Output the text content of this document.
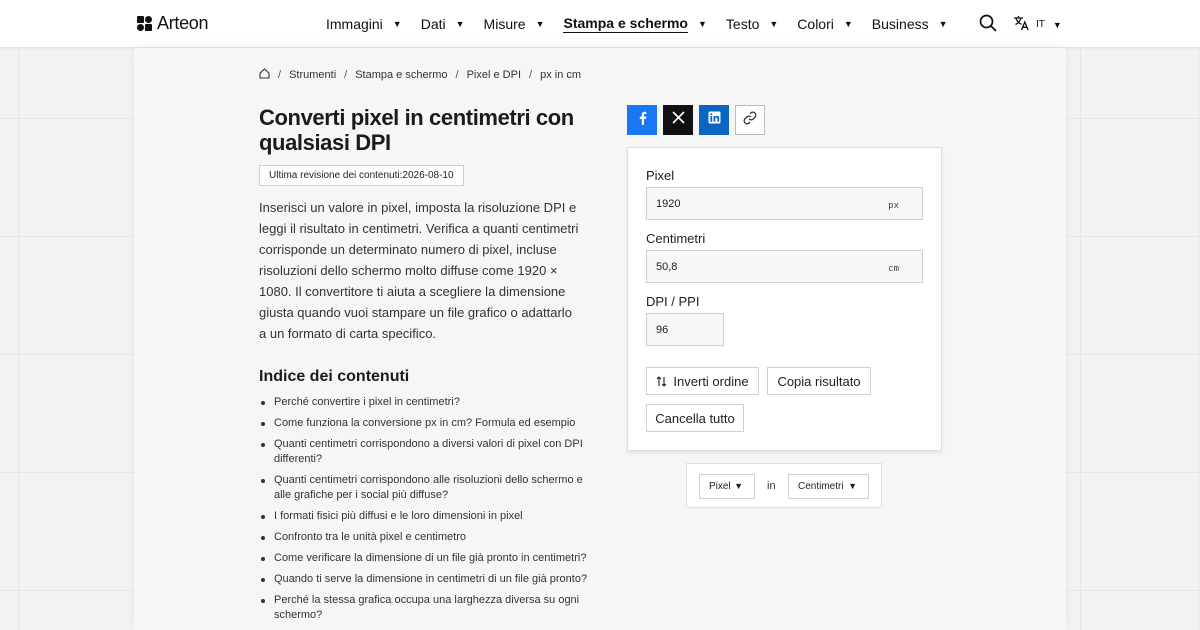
Arteon	Immagini ▼ Dati ▼ Misure ▼ Stampa e schermo ▼ Testo ▼ Colori ▼ Business ▼	IT ▼
/ Strumenti / Stampa e schermo / Pixel e DPI / px in cm
Converti pixel in centimetri con qualsiasi DPI
Ultima revisione dei contenuti:2026-08-10

Inserisci un valore in pixel, imposta la risoluzione DPI e leggi il risultato in centimetri. Verifica a quanti centimetri corrisponde un determinato numero di pixel, incluse risoluzioni dello schermo molto diffuse come 1920 × 1080. Il convertitore ti aiuta a scegliere la dimensione giusta quando vuoi stampare un file grafico o adattarlo a un formato di carta specifico.

Indice dei contenuti
Perché convertire i pixel in centimetri?
Come funziona la conversione px in cm? Formula ed esempio
Quanti centimetri corrispondono a diversi valori di pixel con DPI differenti?
Quanti centimetri corrispondono alle risoluzioni dello schermo e alle grafiche per i social più diffuse?
I formati fisici più diffusi e le loro dimensioni in pixel
Confronto tra le unità pixel e centimetro
Come verificare la dimensione di un file già pronto in centimetri?
Quando ti serve la dimensione in centimetri di un file già pronto?
Perché la stessa grafica occupa una larghezza diversa su ogni schermo?
Pixel
1920	px
Centimetri
50,8	cm
DPI / PPI
96
Inverti ordine	Copia risultato
Cancella tutto
Pixel ▼ in Centimetri ▼
